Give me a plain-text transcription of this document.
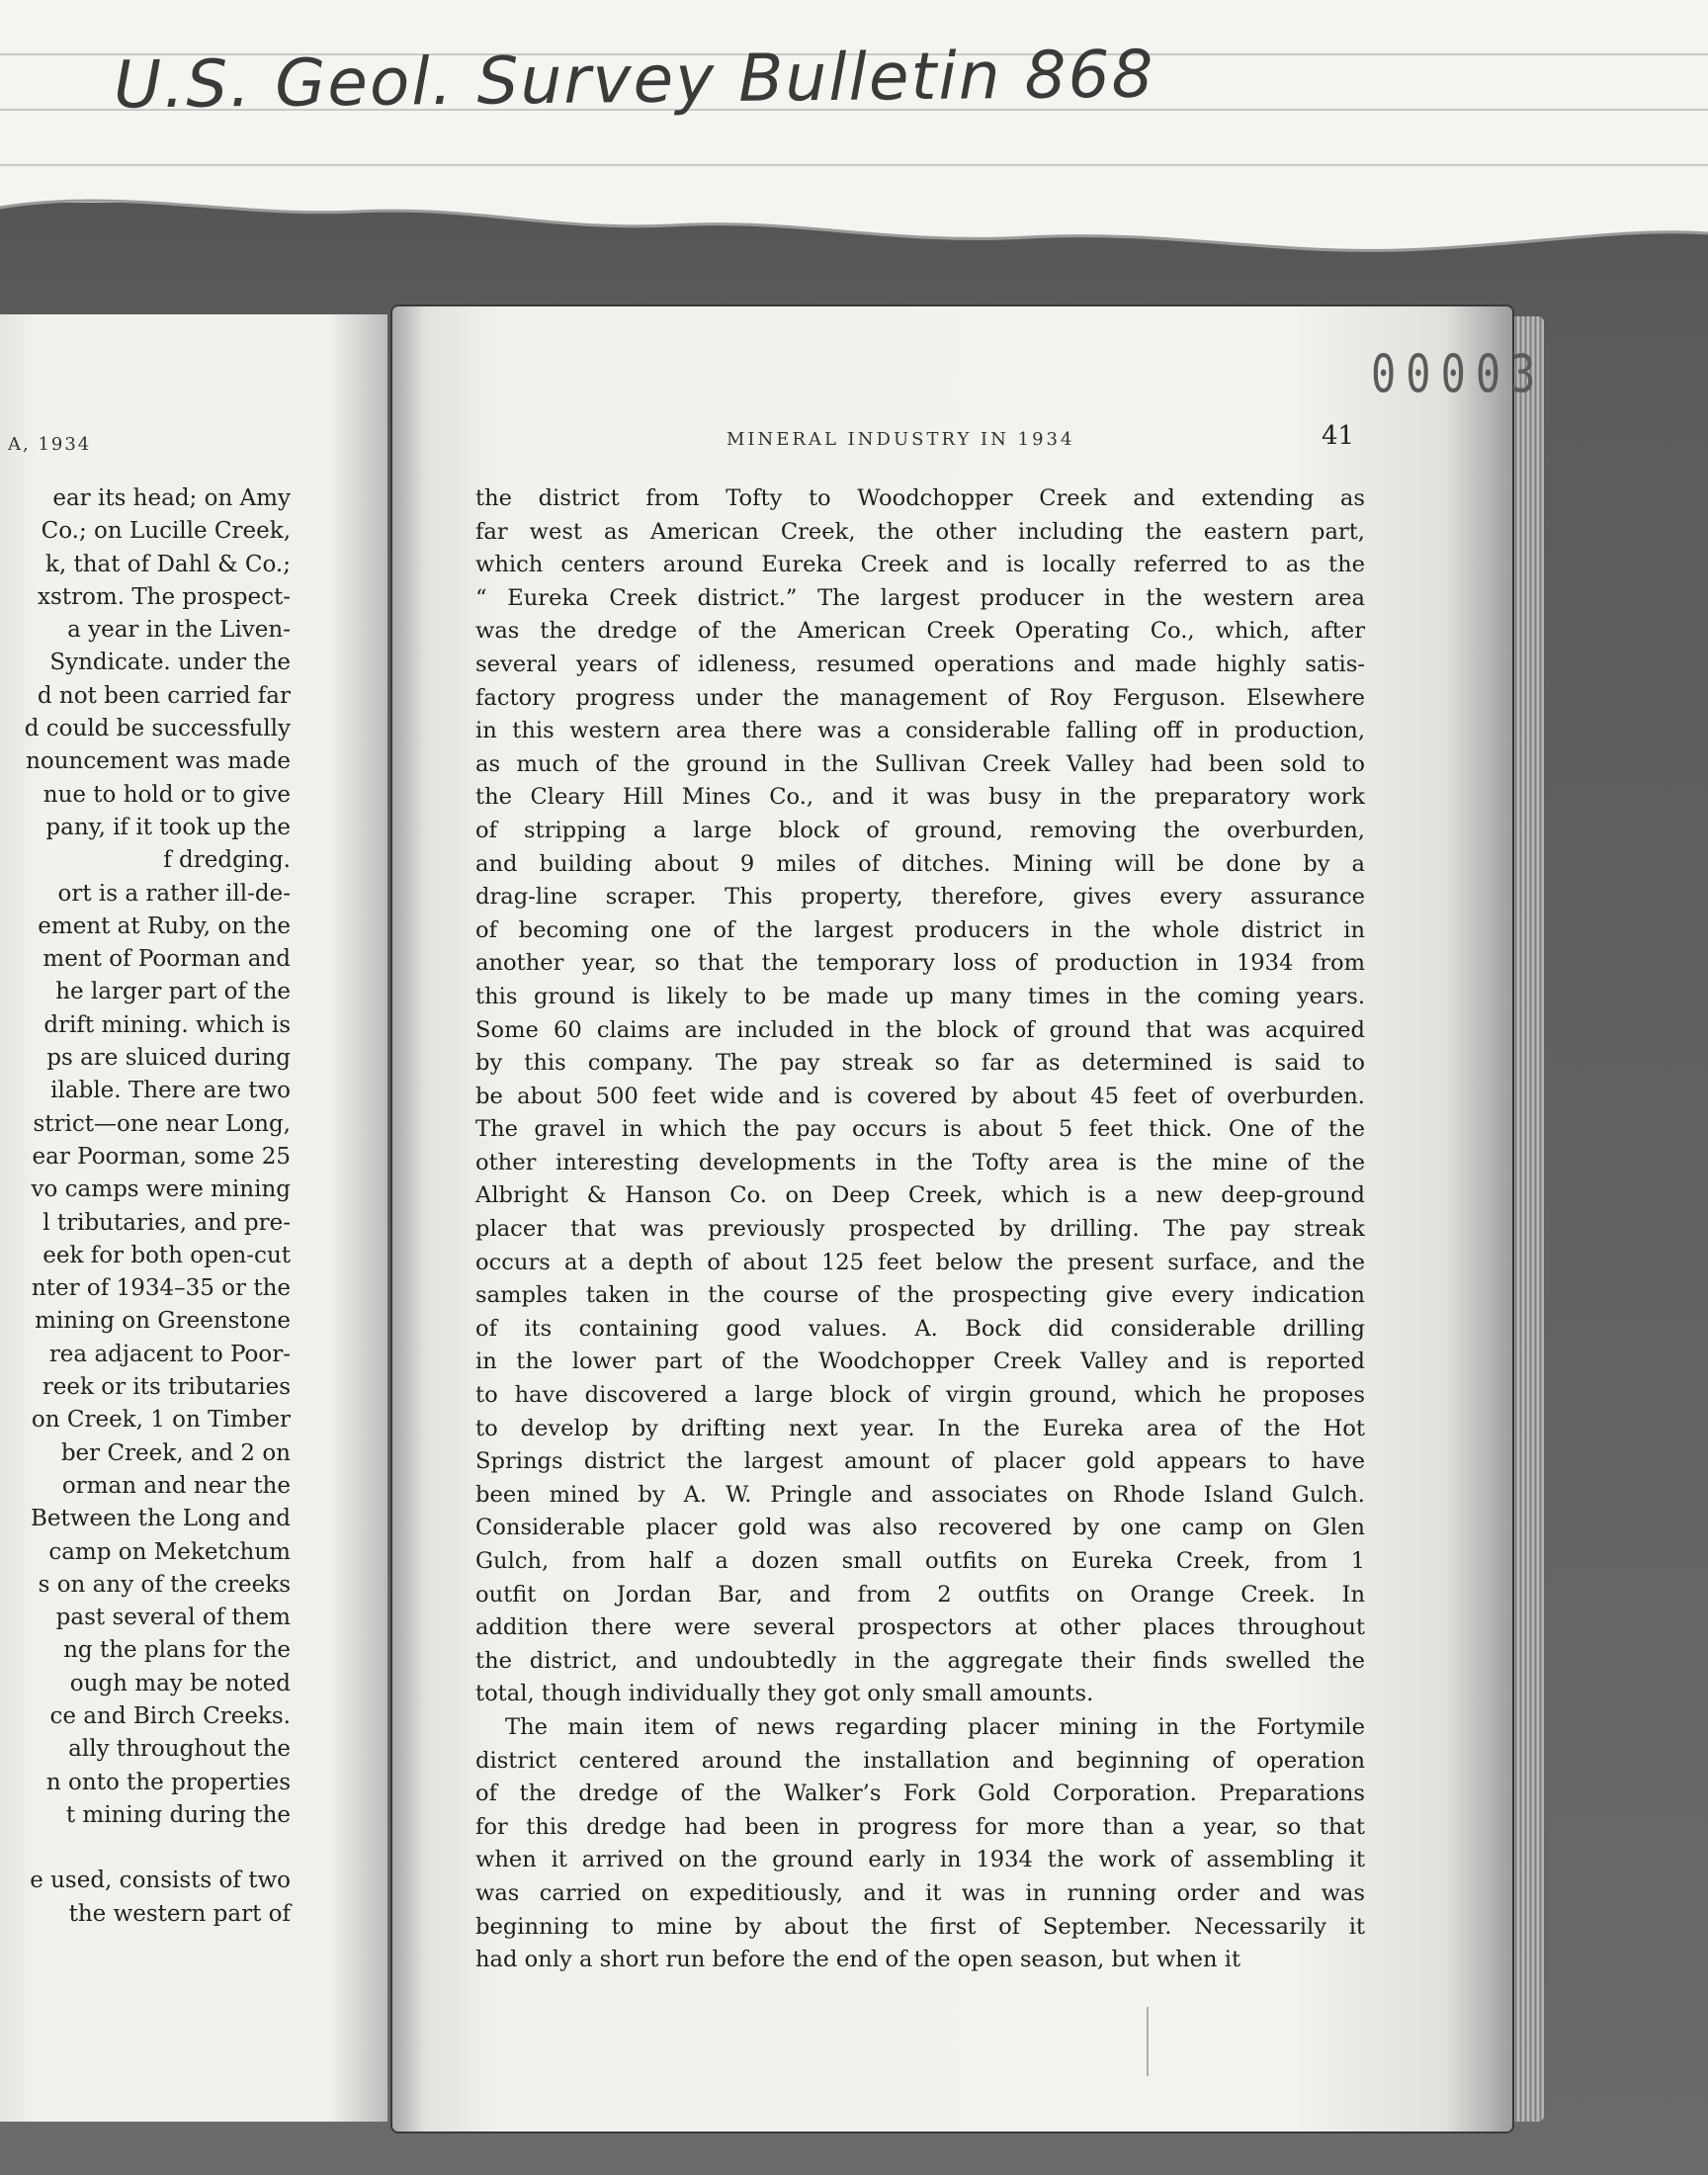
U.S. Geol. Survey Bulletin 868
A, 1934
ear its head; on Amy
Co.; on Lucille Creek,
k, that of Dahl & Co.;
xstrom. The prospect-
a year in the Liven-
Syndicate. under the
d not been carried far
d could be successfully
nouncement was made
nue to hold or to give
pany, if it took up the
f dredging.
ort is a rather ill-de-
ement at Ruby, on the
ment of Poorman and
he larger part of the
drift mining. which is
ps are sluiced during
ilable. There are two
strict—one near Long,
ear Poorman, some 25
vo camps were mining
l tributaries, and pre-
eek for both open-cut
nter of 1934–35 or the
mining on Greenstone
rea adjacent to Poor-
reek or its tributaries
on Creek, 1 on Timber
ber Creek, and 2 on
orman and near the
Between the Long and
camp on Meketchum
s on any of the creeks
past several of them
ng the plans for the
ough may be noted
ce and Birch Creeks.
ally throughout the
n onto the properties
t mining during the
e used, consists of two
the western part of
00003
MINERAL INDUSTRY IN 1934	41
the district from Tofty to Woodchopper Creek and extending as
far west as American Creek, the other including the eastern part,
which centers around Eureka Creek and is locally referred to as the
“ Eureka Creek district.” The largest producer in the western area
was the dredge of the American Creek Operating Co., which, after
several years of idleness, resumed operations and made highly satis-
factory progress under the management of Roy Ferguson. Elsewhere
in this western area there was a considerable falling off in production,
as much of the ground in the Sullivan Creek Valley had been sold to
the Cleary Hill Mines Co., and it was busy in the preparatory work
of stripping a large block of ground, removing the overburden,
and building about 9 miles of ditches. Mining will be done by a
drag-line scraper. This property, therefore, gives every assurance
of becoming one of the largest producers in the whole district in
another year, so that the temporary loss of production in 1934 from
this ground is likely to be made up many times in the coming years.
Some 60 claims are included in the block of ground that was acquired
by this company. The pay streak so far as determined is said to
be about 500 feet wide and is covered by about 45 feet of overburden.
The gravel in which the pay occurs is about 5 feet thick. One of the
other interesting developments in the Tofty area is the mine of the
Albright & Hanson Co. on Deep Creek, which is a new deep-ground
placer that was previously prospected by drilling. The pay streak
occurs at a depth of about 125 feet below the present surface, and the
samples taken in the course of the prospecting give every indication
of its containing good values. A. Bock did considerable drilling
in the lower part of the Woodchopper Creek Valley and is reported
to have discovered a large block of virgin ground, which he proposes
to develop by drifting next year. In the Eureka area of the Hot
Springs district the largest amount of placer gold appears to have
been mined by A. W. Pringle and associates on Rhode Island Gulch.
Considerable placer gold was also recovered by one camp on Glen
Gulch, from half a dozen small outfits on Eureka Creek, from 1
outfit on Jordan Bar, and from 2 outfits on Orange Creek. In
addition there were several prospectors at other places throughout
the district, and undoubtedly in the aggregate their finds swelled the
total, though individually they got only small amounts.
The main item of news regarding placer mining in the Fortymile
district centered around the installation and beginning of operation
of the dredge of the Walker’s Fork Gold Corporation. Preparations
for this dredge had been in progress for more than a year, so that
when it arrived on the ground early in 1934 the work of assembling it
was carried on expeditiously, and it was in running order and was
beginning to mine by about the first of September. Necessarily it
had only a short run before the end of the open season, but when it
